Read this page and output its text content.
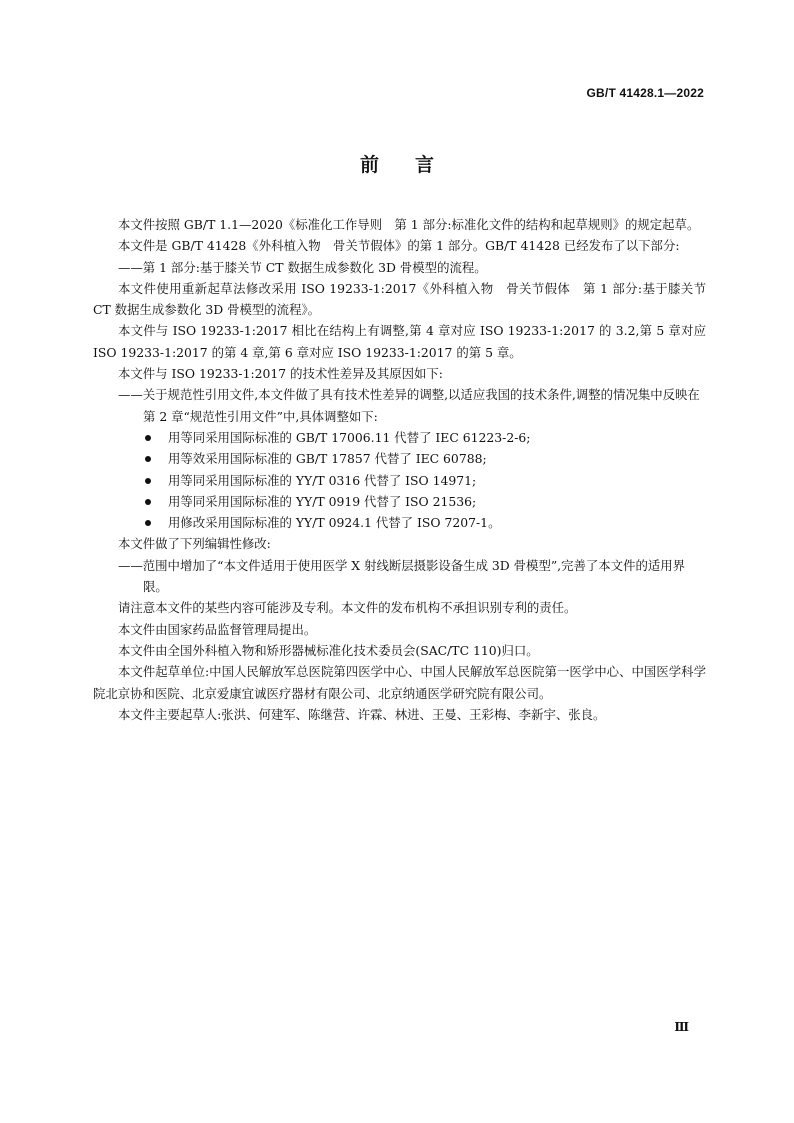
GB/T 41428.1—2022
前言

本文件按照 GB/T 1.1—2020《标准化工作导则　第 1 部分:标准化文件的结构和起草规则》的规定起草。

本文件是 GB/T 41428《外科植入物　骨关节假体》的第 1 部分。GB/T 41428 已经发布了以下部分:

——第 1 部分:基于膝关节 CT 数据生成参数化 3D 骨模型的流程。

本文件使用重新起草法修改采用 ISO 19233-1:2017《外科植入物　骨关节假体　第 1 部分:基于膝关节 CT 数据生成参数化 3D 骨模型的流程》。

本文件与 ISO 19233-1:2017 相比在结构上有调整,第 4 章对应 ISO 19233-1:2017 的 3.2,第 5 章对应 ISO 19233-1:2017 的第 4 章,第 6 章对应 ISO 19233-1:2017 的第 5 章。

本文件与 ISO 19233-1:2017 的技术性差异及其原因如下:

——关于规范性引用文件,本文件做了具有技术性差异的调整,以适应我国的技术条件,调整的情况集中反映在第 2 章“规范性引用文件”中,具体调整如下:

用等同采用国际标准的 GB/T 17006.11 代替了 IEC 61223-2-6;
用等效采用国际标准的 GB/T 17857 代替了 IEC 60788;
用等同采用国际标准的 YY/T 0316 代替了 ISO 14971;
用等同采用国际标准的 YY/T 0919 代替了 ISO 21536;
用修改采用国际标准的 YY/T 0924.1 代替了 ISO 7207-1。

本文件做了下列编辑性修改:

——范围中增加了“本文件适用于使用医学 X 射线断层摄影设备生成 3D 骨模型”,完善了本文件的适用界限。

请注意本文件的某些内容可能涉及专利。本文件的发布机构不承担识别专利的责任。

本文件由国家药品监督管理局提出。

本文件由全国外科植入物和矫形器械标准化技术委员会(SAC/TC 110)归口。

本文件起草单位:中国人民解放军总医院第四医学中心、中国人民解放军总医院第一医学中心、中国医学科学院北京协和医院、北京爱康宜诚医疗器材有限公司、北京纳通医学研究院有限公司。

本文件主要起草人:张洪、何建军、陈继营、许霖、林进、王曼、王彩梅、李新宇、张良。

Ⅲ
